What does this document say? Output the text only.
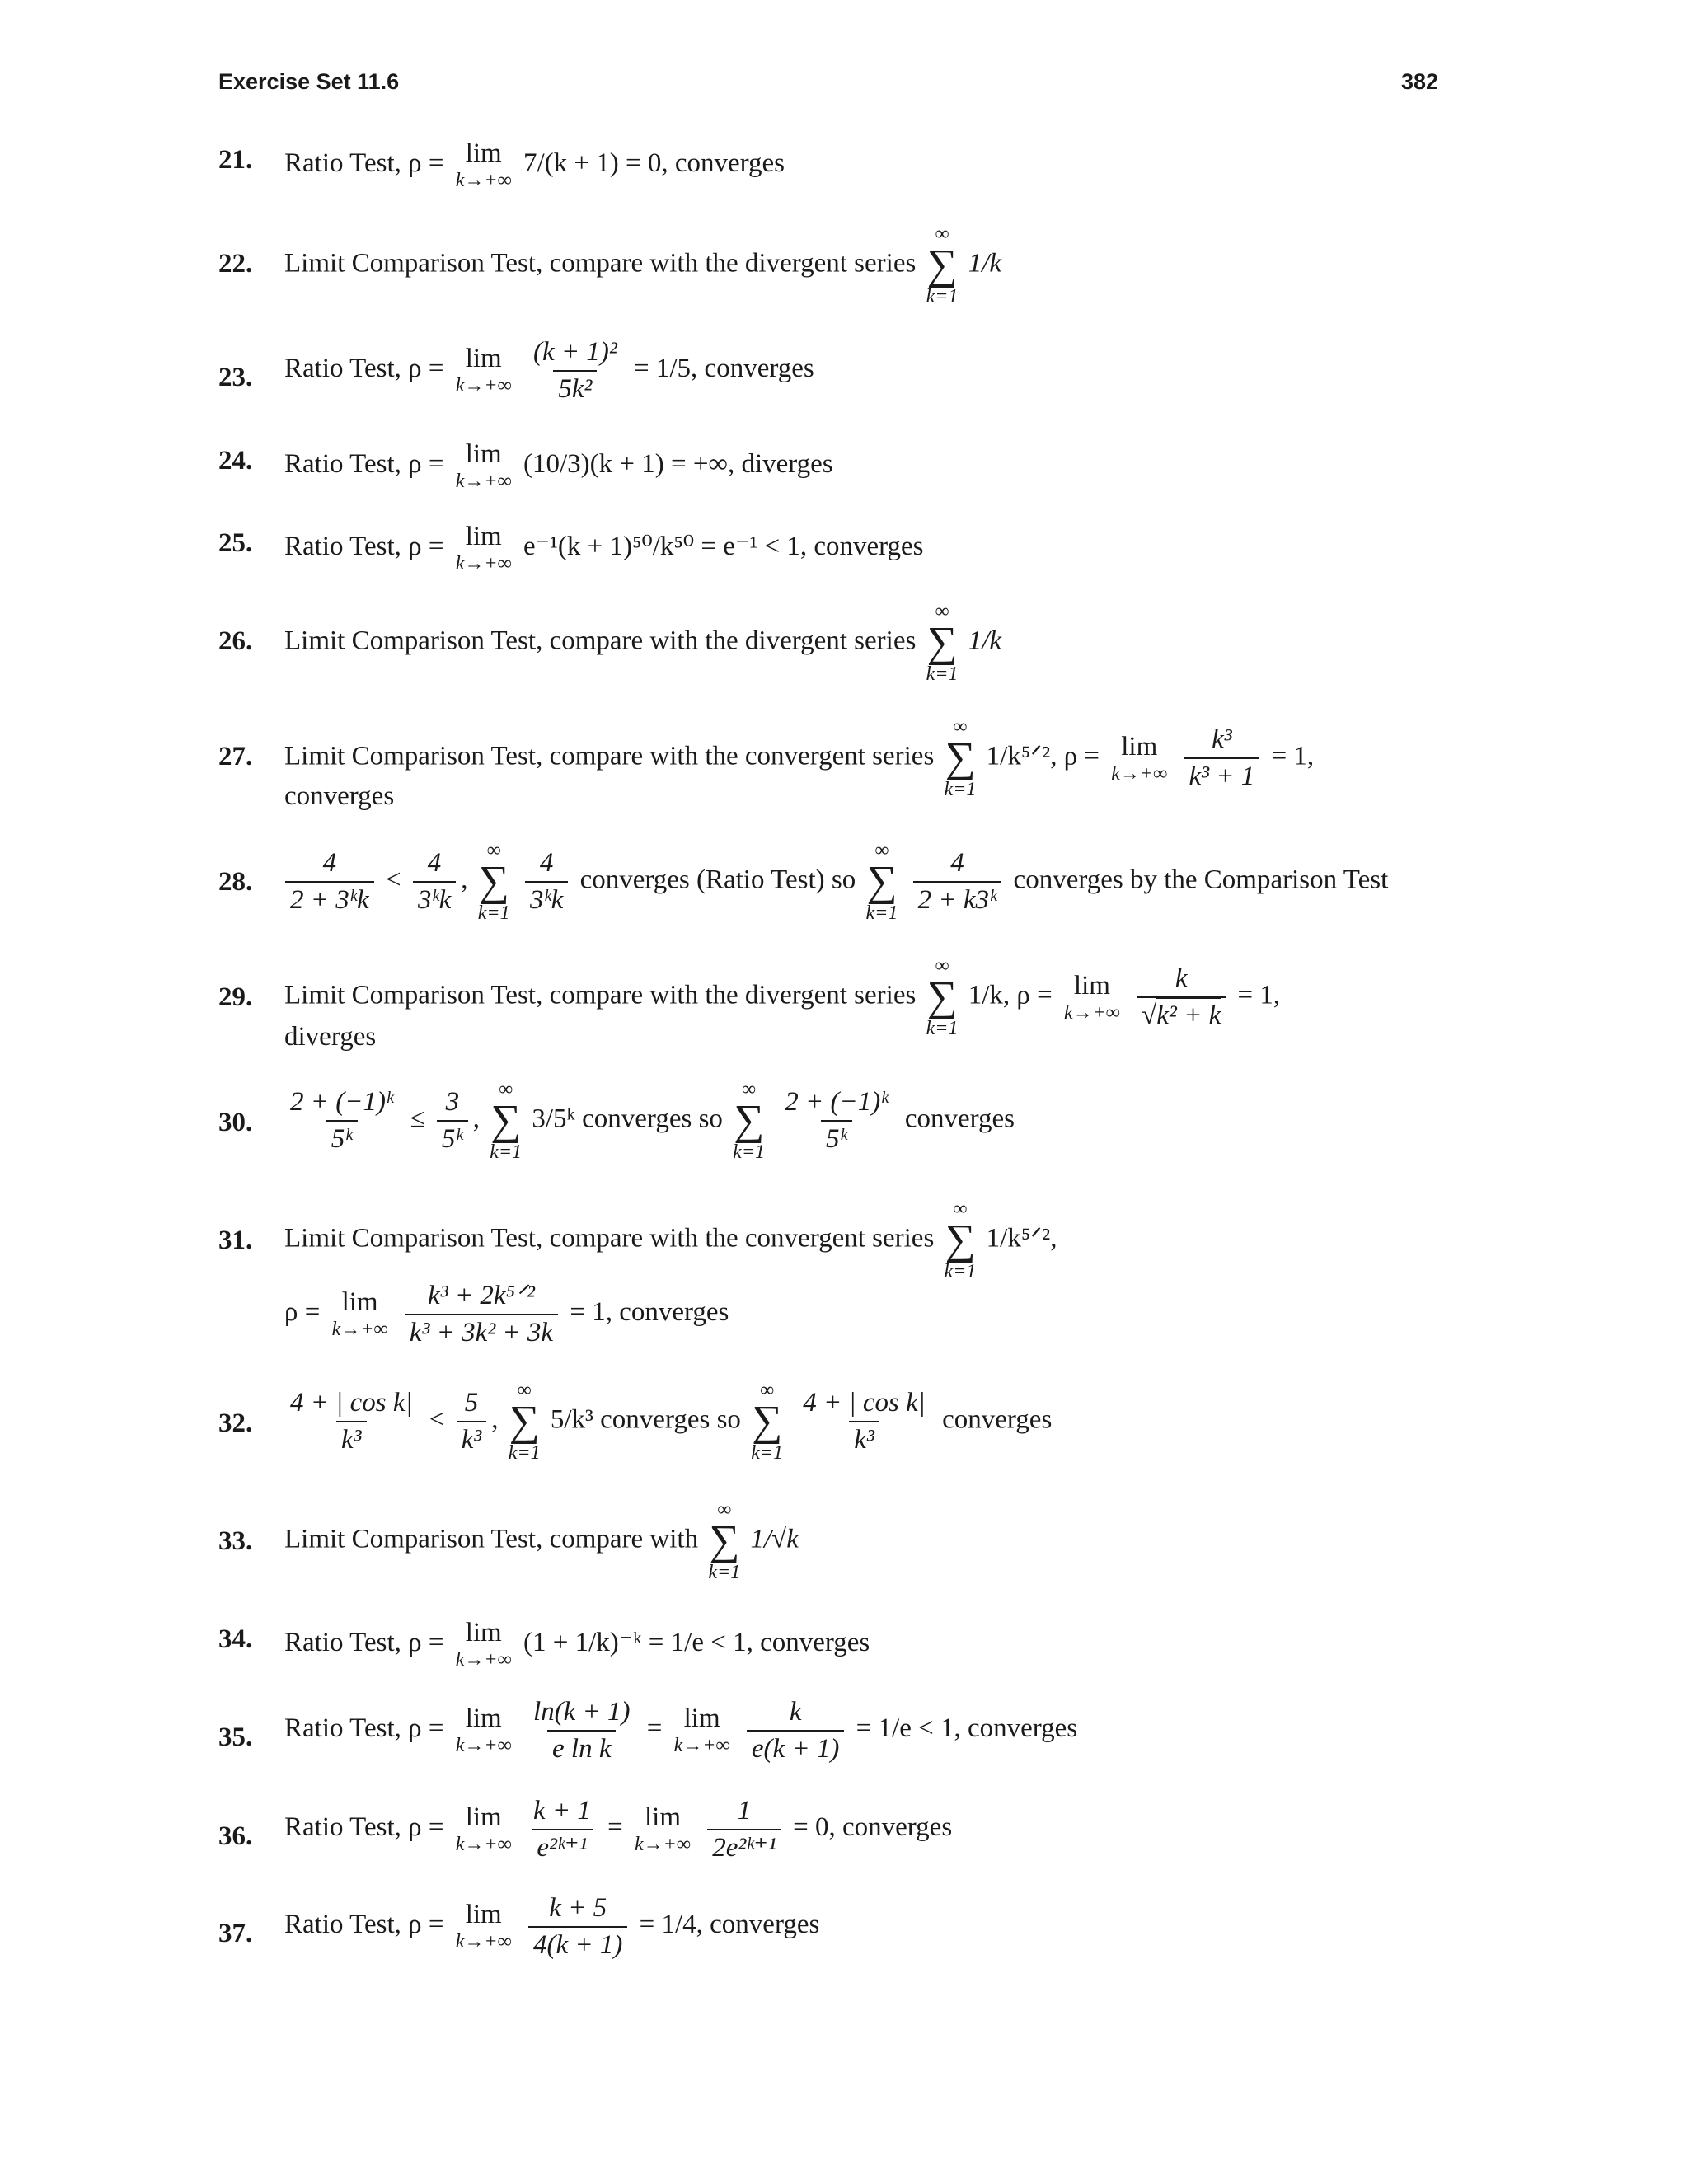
Exercise Set 11.6	382
21. Ratio Test, ρ = lim
k→+∞
7/(k + 1) = 0, converges
22. Limit Comparison Test, compare with the divergent series
∞
∑
k=1
1/k
23. Ratio Test, ρ = lim
k→+∞
$\frac{\text{(k + 1)²}}{\text{5k²}} = 1/5$, converges
24. Ratio Test, ρ = lim
k→+∞
(10/3)(k + 1) = +∞, diverges
25. Ratio Test, ρ = lim
k→+∞
e⁻¹(k + 1)⁵⁰/k⁵⁰ = e⁻¹ < 1, converges
26. Limit Comparison Test, compare with the divergent series
∞
∑
k=1
1/k
27. Limit Comparison Test, compare with the convergent series
∞
∑
k=1
1/k⁵ᐟ², ρ = lim
k→+∞
$\frac{\text{k³}}{\text{k³ + 1}} = 1$,
converges
28. $\frac{4}{\text{2 + 3ᵏk}} < \frac{4}{\text{3ᵏk}}$ ,
∞
∑
k=1
$\frac{4}{\text{3ᵏk}}$ converges (Ratio Test) so
∞
∑
k=1
$\frac{4}{\text{2 + k3ᵏ}}$ converges by the Comparison Test
29. Limit Comparison Test, compare with the divergent series
∞
∑
k=1
1/k, ρ = lim
k→+∞
$\frac{k}{\text{√k² + k}} = 1$,
diverges
30. $\frac{\text{2 + (−1)ᵏ}}{\text{5ᵏ}} \le \frac{3}{\text{5ᵏ}}$ ,
∞
∑
k=1
3/5ᵏ converges so
∞
∑
k=1
$\frac{\text{2 + (−1)ᵏ}}{\text{5ᵏ}}$ converges
31. Limit Comparison Test, compare with the convergent series
∞
∑
k=1
1/k⁵ᐟ²,
ρ = lim
k→+∞
$\frac{\text{k³ + 2k⁵ᐟ²}}{\text{k³ + 3k² + 3k}} = 1$, converges
32. $\frac{\text{4 + | cos k|}}{\text{k³}} < \frac{5}{\text{k³}}$ ,
∞
∑
k=1
5/k³ converges so
∞
∑
k=1
$\frac{\text{4 + | cos k|}}{\text{k³}}$ converges
33. Limit Comparison Test, compare with
∞
∑
k=1
1/√k
34. Ratio Test, ρ = lim
k→+∞
(1 + 1/k)⁻ᵏ = 1/e < 1, converges
35. Ratio Test, ρ = lim
k→+∞
$\frac{\ln(k + 1)}{\text{e ln k}} = \lim$
k→+∞
$\frac{k}{e(k + 1)} = 1/e < 1$, converges
36. Ratio Test, ρ = lim
k→+∞
$\frac{k + 1}{\text{e²ᵏ⁺¹}} = \lim$
k→+∞
$\frac{1}{\text{2e²ᵏ⁺¹}} = 0$, converges
37. Ratio Test, ρ = lim
k→+∞
$\frac{k + 5}{4(k + 1)} = 1/4$, converges
